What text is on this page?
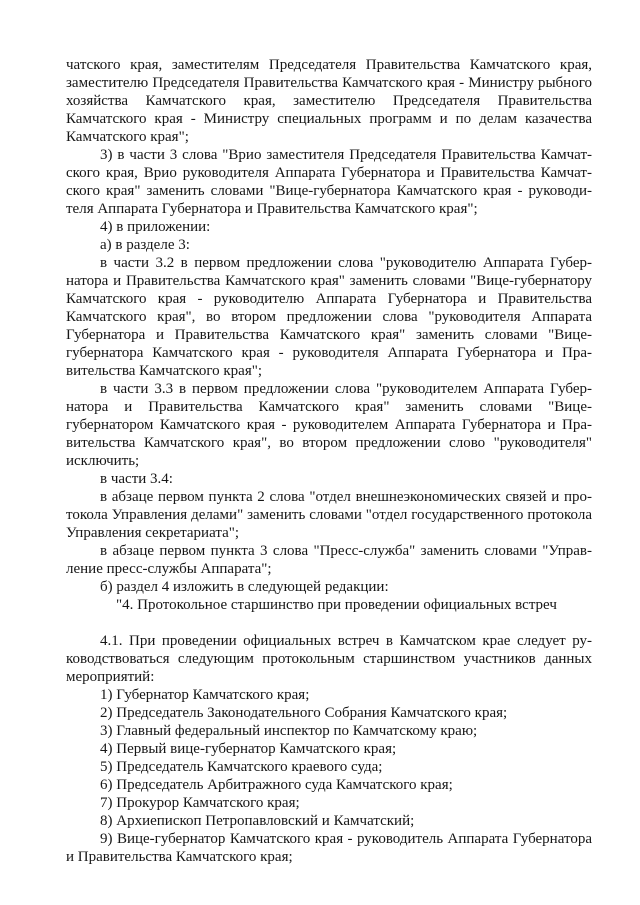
чатского края, заместителям Председателя Правительства Камчатского края, заместителю Председателя Правительства Камчатского края - Министру рыбного хозяйства Камчатского края, заместителю Председателя Правительства Камчатского края - Министру специальных программ и по делам казачества Камчатского края";

3) в части 3 слова "Врио заместителя Председателя Правительства Камчатского края, Врио руководителя Аппарата Губернатора и Правительства Камчатского края" заменить словами "Вице-губернатора Камчатского края - руководителя Аппарата Губернатора и Правительства Камчатского края";

4) в приложении:

а) в разделе 3:

в части 3.2 в первом предложении слова "руководителю Аппарата Губернатора и Правительства Камчатского края" заменить словами "Вице-губернатору Камчатского края - руководителю Аппарата Губернатора и Правительства Камчатского края", во втором предложении слова "руководителя Аппарата Губернатора и Правительства Камчатского края" заменить словами "Вице-губернатора Камчатского края - руководителя Аппарата Губернатора и Правительства Камчатского края";

в части 3.3 в первом предложении слова "руководителем Аппарата Губернатора и Правительства Камчатского края" заменить словами "Вице-губернатором Камчатского края - руководителем Аппарата Губернатора и Правительства Камчатского края", во втором предложении слово "руководителя" исключить;

в части 3.4:

в абзаце первом пункта 2 слова "отдел внешнеэкономических связей и протокола Управления делами" заменить словами "отдел государственного протокола Управления секретариата";

в абзаце первом пункта 3 слова "Пресс-служба" заменить словами "Управление пресс-службы Аппарата";

б) раздел 4 изложить в следующей редакции:

"4. Протокольное старшинство при проведении официальных встреч

4.1. При проведении официальных встреч в Камчатском крае следует руководствоваться следующим протокольным старшинством участников данных мероприятий:

1) Губернатор Камчатского края;
2) Председатель Законодательного Собрания Камчатского края;
3) Главный федеральный инспектор по Камчатскому краю;
4) Первый вице-губернатор Камчатского края;
5) Председатель Камчатского краевого суда;
6) Председатель Арбитражного суда Камчатского края;
7) Прокурор Камчатского края;
8) Архиепископ Петропавловский и Камчатский;
9) Вице-губернатор Камчатского края - руководитель Аппарата Губернатора и Правительства Камчатского края;
